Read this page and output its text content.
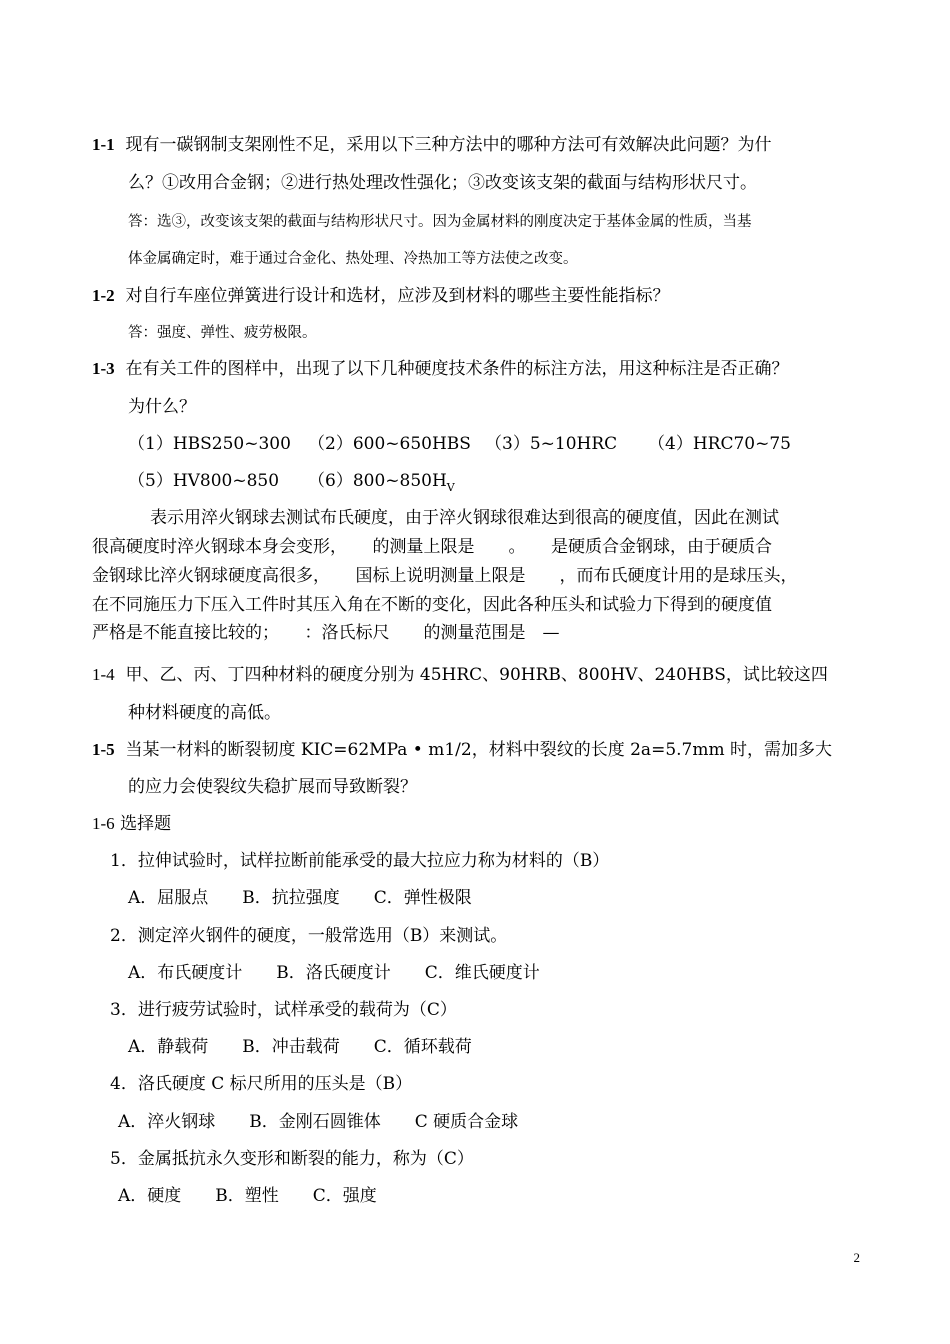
1-1 现有一碳钢制支架刚性不足，采用以下三种方法中的哪种方法可有效解决此问题？为什
么？①改用合金钢；②进行热处理改性强化；③改变该支架的截面与结构形状尺寸。
答：选③，改变该支架的截面与结构形状尺寸。因为金属材料的刚度决定于基体金属的性质，当基
体金属确定时，难于通过合金化、热处理、冷热加工等方法使之改变。
1-2 对自行车座位弹簧进行设计和选材，应涉及到材料的哪些主要性能指标？
答：强度、弹性、疲劳极限。
1-3 在有关工件的图样中，出现了以下几种硬度技术条件的标注方法，用这种标注是否正确？
为什么？
（1）HBS250~300 （2）600~650HBS （3）5~10HRC （4）HRC70~75
（5）HV800~850 $(6)800\sim 850H_V$
表示用淬火钢球去测试布氏硬度，由于淬火钢球很难达到很高的硬度值，因此在测试
很高硬度时淬火钢球本身会变形，　　的测量上限是　　。　　是硬质合金钢球，由于硬质合
金钢球比淬火钢球硬度高很多，　　国标上说明测量上限是　　，而布氏硬度计用的是球压头，
在不同施压力下压入工件时其压入角在不断的变化，因此各种压头和试验力下得到的硬度值
严格是不能直接比较的；　　：洛氏标尺　　的测量范围是　—
1-4 甲、乙、丙、丁四种材料的硬度分别为 45HRC、90HRB、800HV、240HBS，试比较这四
种材料硬度的高低。
1-5 当某一材料的断裂韧度 KIC=62MPa • m1/2，材料中裂纹的长度 2a=5.7mm 时，需加多大
的应力会使裂纹失稳扩展而导致断裂？
1-6 选择题
1．拉伸试验时，试样拉断前能承受的最大拉应力称为材料的（B）
A．屈服点　　B．抗拉强度　　C．弹性极限
2．测定淬火钢件的硬度，一般常选用（B）来测试。
A．布氏硬度计　　B．洛氏硬度计　　C．维氏硬度计
3．进行疲劳试验时，试样承受的载荷为（C）
A．静载荷　　B．冲击载荷　　C．循环载荷
4．洛氏硬度 C 标尺所用的压头是（B）
A．淬火钢球　　B．金刚石圆锥体　　C 硬质合金球
5．金属抵抗永久变形和断裂的能力，称为（C）
A．硬度　　B．塑性　　C．强度
2
